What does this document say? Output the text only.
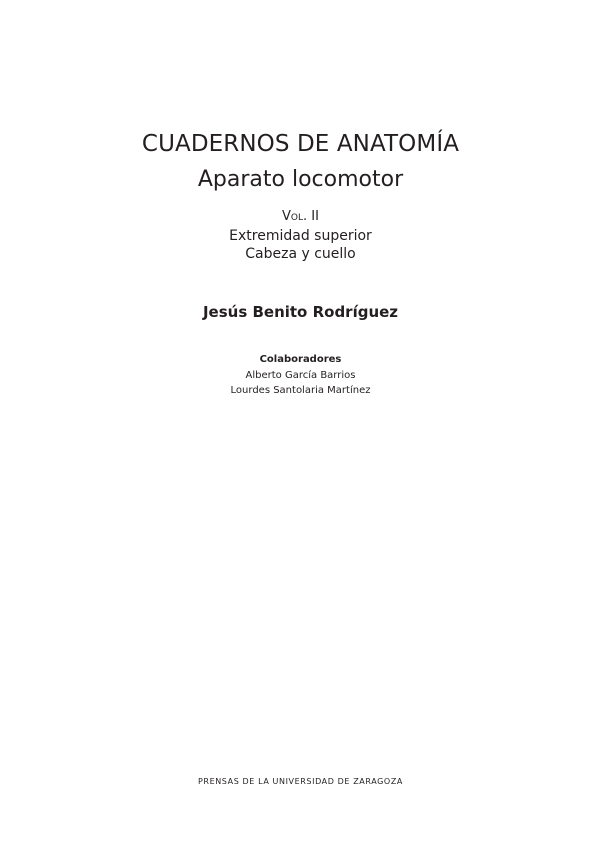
CUADERNOS DE ANATOMÍA
Aparato locomotor
Vol. II
Extremidad superior
Cabeza y cuello
Jesús Benito Rodríguez
Colaboradores
Alberto García Barrios
Lourdes Santolaria Martínez
PRENSAS DE LA UNIVERSIDAD DE ZARAGOZA
